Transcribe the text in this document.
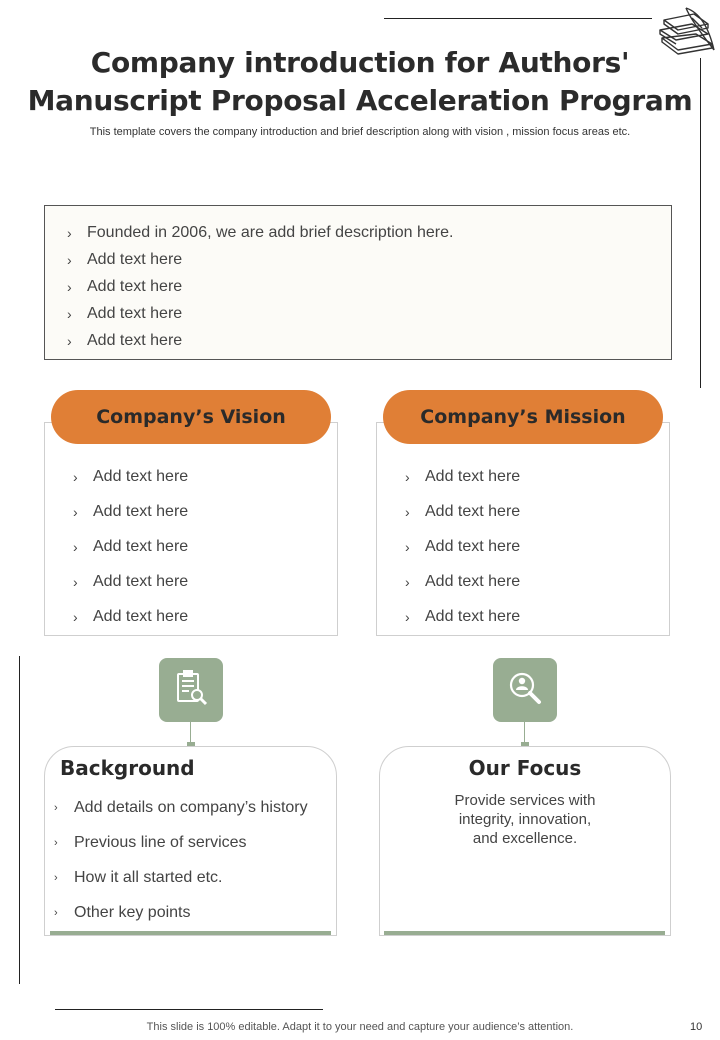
Company introduction for Authors'
Manuscript Proposal Acceleration Program
This template covers the company introduction and brief description along with vision , mission focus areas etc.
› Founded in 2006, we are add brief description here.
› Add text here
› Add text here
› Add text here
› Add text here
› Add text here
› Add text here
› Add text here
› Add text here
› Add text here
Company’s Vision
› Add text here
› Add text here
› Add text here
› Add text here
› Add text here
Company’s Mission
Background
›	Add details on company’s history
›	Previous line of services
›	How it all started etc.
›	Other key points
Our Focus
Provide services with
integrity, innovation,
and excellence.
This slide is 100% editable. Adapt it to your need and capture your audience’s attention.	10
